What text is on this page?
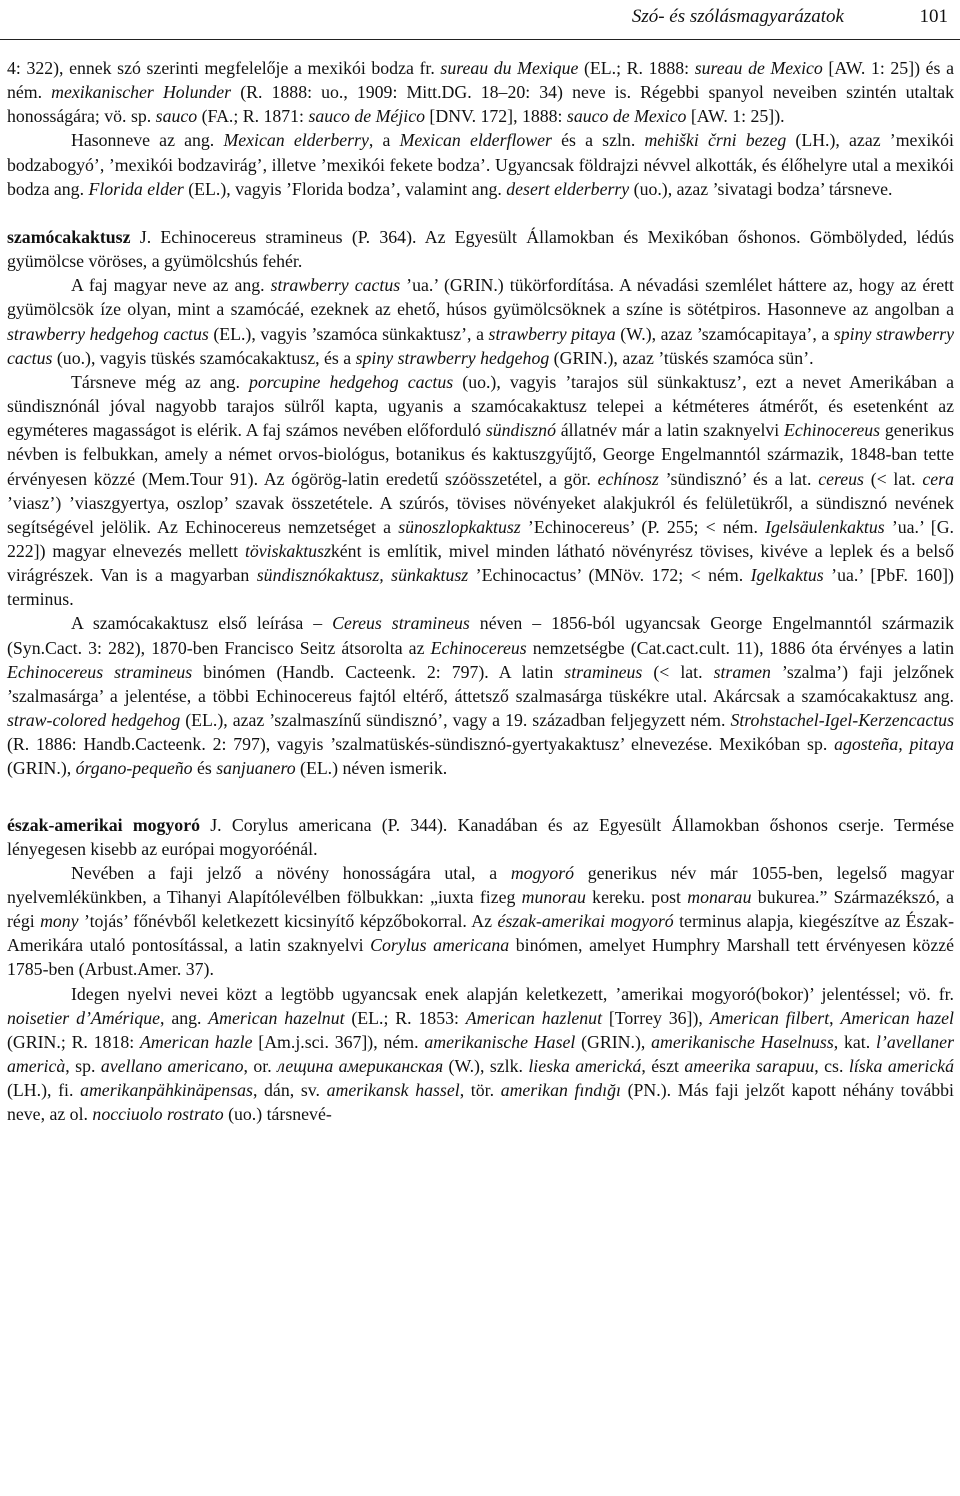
Szó- és szólásmagyarázatok	101

4: 322), ennek szó szerinti megfelelője a mexikói bodza fr. sureau du Mexique (EL.; R. 1888: sureau de Mexico [AW. 1: 25]) és a ném. mexikanischer Holunder (R. 1888: uo., 1909: Mitt.DG. 18–20: 34) neve is. Régebbi spanyol neveiben szintén utaltak honosságára; vö. sp. sauco (FA.; R. 1871: sauco de Méjico [DNV. 172], 1888: sauco de Mexico [AW. 1: 25]).

Hasonneve az ang. Mexican elderberry, a Mexican elderflower és a szln. mehiški črni bezeg (LH.), azaz ’mexikói bodzabogyó’, ’mexikói bodzavirág’, illetve ’mexikói fekete bodza’. Ugyancsak földrajzi névvel alkották, és élőhelyre utal a mexikói bodza ang. Florida elder (EL.), vagyis ’Florida bodza’, valamint ang. desert elderberry (uo.), azaz ’sivatagi bodza’ társneve.

szamócakaktusz J. Echinocereus stramineus (P. 364). Az Egyesült Államokban és Mexikóban őshonos. Gömbölyded, lédús gyümölcse vöröses, a gyümölcshús fehér.

A faj magyar neve az ang. strawberry cactus ’ua.’ (GRIN.) tükörfordítása. A névadási szemlélet háttere az, hogy az érett gyümölcsök íze olyan, mint a szamócáé, ezeknek az ehető, húsos gyümölcsöknek a színe is sötétpiros. Hasonneve az angolban a strawberry hedgehog cactus (EL.), vagyis ’szamóca sünkaktusz’, a strawberry pitaya (W.), azaz ’szamócapitaya’, a spiny strawberry cactus (uo.), vagyis tüskés szamócakaktusz, és a spiny strawberry hedgehog (GRIN.), azaz ’tüskés szamóca sün’.

Társneve még az ang. porcupine hedgehog cactus (uo.), vagyis ’tarajos sül sünkaktusz’, ezt a nevet Amerikában a sündisznónál jóval nagyobb tarajos sülről kapta, ugyanis a szamócakaktusz telepei a kétméteres átmérőt, és esetenként az egyméteres magasságot is elérik. A faj számos nevében előforduló sündisznó állatnév már a latin szaknyelvi Echinocereus generikus névben is felbukkan, amely a német orvos-biológus, botanikus és kaktuszgyűjtő, George Engelmanntól származik, 1848-ban tette érvényesen közzé (Mem.Tour 91). Az ógörög-latin eredetű szóösszetétel, a gör. echínosz ’sündisznó’ és a lat. cereus (< lat. cera ’viasz’) ’viaszgyertya, oszlop’ szavak összetétele. A szúrós, tövises növényeket alakjukról és felületükről, a sündisznó nevének segítségével jelölik. Az Echinocereus nemzetséget a sünoszlopkaktusz ’Echinocereus’ (P. 255; < ném. Igelsäulenkaktus ’ua.’ [G. 222]) magyar elnevezés mellett töviskaktuszként is említik, mivel minden látható növényrész tövises, kivéve a leplek és a belső virágrészek. Van is a magyarban sündisznókaktusz, sünkaktusz ’Echinocactus’ (MNöv. 172; < ném. Igelkaktus ’ua.’ [PbF. 160]) terminus.

A szamócakaktusz első leírása – Cereus stramineus néven – 1856-ból ugyancsak George Engelmanntól származik (Syn.Cact. 3: 282), 1870-ben Francisco Seitz átsorolta az Echinocereus nemzetségbe (Cat.cact.cult. 11), 1886 óta érvényes a latin Echinocereus stramineus binómen (Handb. Cacteenk. 2: 797). A latin stramineus (< lat. stramen ’szalma’) faji jelzőnek ’szalmasárga’ a jelentése, a többi Echinocereus fajtól eltérő, áttetsző szalmasárga tüskékre utal. Akárcsak a szamócakaktusz ang. straw-colored hedgehog (EL.), azaz ’szalmaszínű sündisznó’, vagy a 19. században feljegyzett ném. Strohstachel-Igel-Kerzencactus (R. 1886: Handb.Cacteenk. 2: 797), vagyis ’szalmatüskés-sündisznó-gyertyakaktusz’ elnevezése. Mexikóban sp. agosteña, pitaya (GRIN.), órgano-pequeño és sanjuanero (EL.) néven ismerik.

észak-amerikai mogyoró J. Corylus americana (P. 344). Kanadában és az Egyesült Államokban őshonos cserje. Termése lényegesen kisebb az európai mogyoróénál.

Nevében a faji jelző a növény honosságára utal, a mogyoró generikus név már 1055-ben, legelső magyar nyelvemlékünkben, a Tihanyi Alapítólevélben fölbukkan: „iuxta fizeg munorau kereku. post monarau bukurea.” Származékszó, a régi mony ’tojás’ főnévből keletkezett kicsinyítő képzőbokorral. Az észak-amerikai mogyoró terminus alapja, kiegészítve az Észak-Amerikára utaló pontosítással, a latin szaknyelvi Corylus americana binómen, amelyet Humphry Marshall tett érvényesen közzé 1785-ben (Arbust.Amer. 37).

Idegen nyelvi nevei közt a legtöbb ugyancsak enek alapján keletkezett, ’amerikai mogyoró(bokor)’ jelentéssel; vö. fr. noisetier d’Amérique, ang. American hazelnut (EL.; R. 1853: American hazlenut [Torrey 36]), American filbert, American hazel (GRIN.; R. 1818: American hazle [Am.j.sci. 367]), ném. amerikanische Hasel (GRIN.), amerikanische Haselnuss, kat. l’avellaner americà, sp. avellano americano, or. лещина американская (W.), szlk. lieska americká, észt ameerika sarapuu, cs. líska americká (LH.), fi. amerikanpähkinäpensas, dán, sv. amerikansk hassel, tör. amerikan fındığı (PN.). Más faji jelzőt kapott néhány további neve, az ol. nocciuolo rostrato (uo.) társnevé-
